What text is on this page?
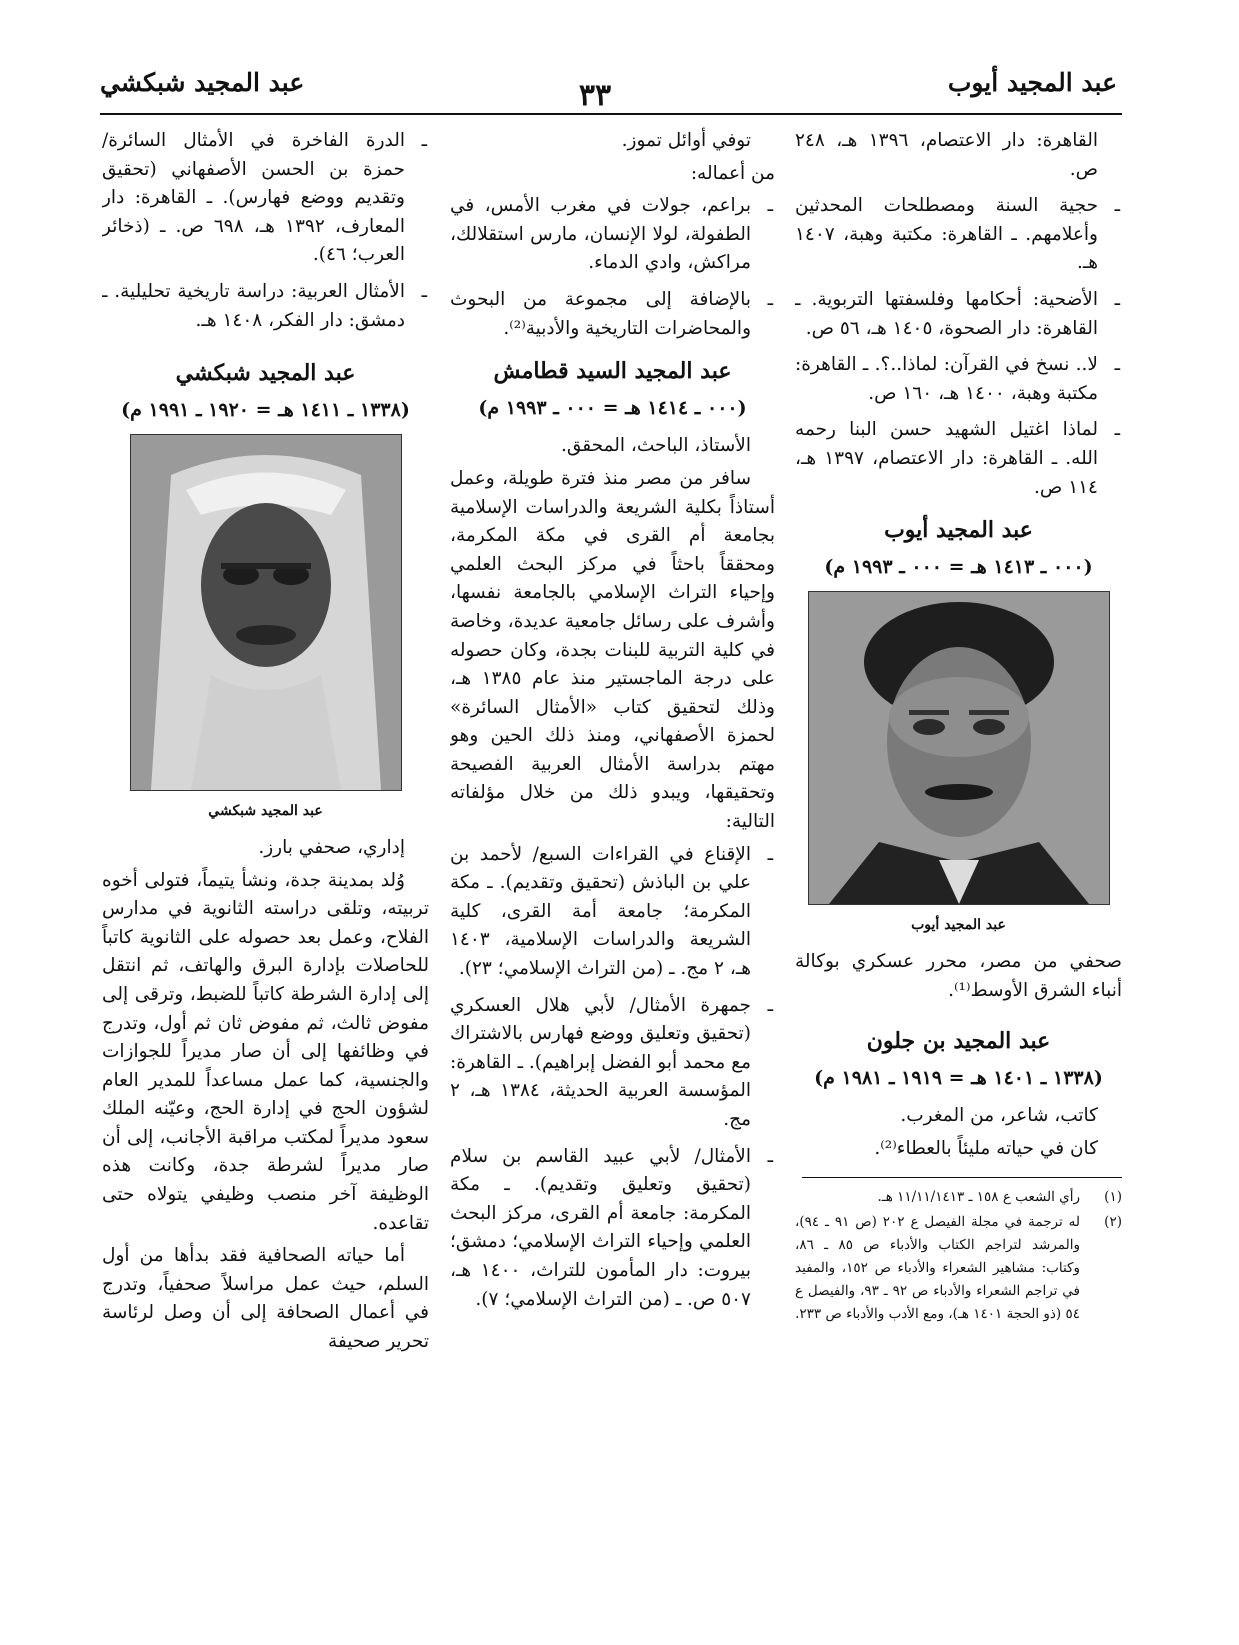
عبد المجيد أيوب
٣٣
عبد المجيد شبكشي
القاهرة: دار الاعتصام، ١٣٩٦ هـ، ٢٤٨ ص.
ـ
حجية السنة ومصطلحات المحدثين وأعلامهم. ـ القاهرة: مكتبة وهبة، ١٤٠٧ هـ.
ـ
الأضحية: أحكامها وفلسفتها التربوية. ـ القاهرة: دار الصحوة، ١٤٠٥ هـ، ٥٦ ص.
ـ
لا.. نسخ في القرآن: لماذا..؟. ـ القاهرة: مكتبة وهبة، ١٤٠٠ هـ، ١٦٠ ص.
ـ
لماذا اغتيل الشهيد حسن البنا رحمه الله. ـ القاهرة: دار الاعتصام، ١٣٩٧ هـ، ١١٤ ص.
عبد المجيد أيوب
(٠٠٠ ـ ١٤١٣ هـ = ٠٠٠ ـ ١٩٩٣ م)
عبد المجيد أيوب

صحفي من مصر، محرر عسكري بوكالة أنباء الشرق الأوسط⁽¹⁾.

عبد المجيد بن جلون
(١٣٣٨ ـ ١٤٠١ هـ = ١٩١٩ ـ ١٩٨١ م)

كاتب، شاعر، من المغرب.

كان في حياته مليئاً بالعطاء⁽²⁾.

(١)
رأي الشعب ع ١٥٨ ـ ١١/١١/١٤١٣ هـ.
(٢)
له ترجمة في مجلة الفيصل ع ٢٠٢ (ص ٩١ ـ ٩٤)، والمرشد لتراجم الكتاب والأدباء ص ٨٥ ـ ٨٦، وكتاب: مشاهير الشعراء والأدباء ص ١٥٢، والمفيد في تراجم الشعراء والأدباء ص ٩٢ ـ ٩٣، والفيصل ع ٥٤ (ذو الحجة ١٤٠١ هـ)، ومع الأدب والأدباء ص ٢٣٣.

توفي أوائل تموز.

من أعماله:

ـ
براعم، جولات في مغرب الأمس، في الطفولة، لولا الإنسان، مارس استقلالك، مراكش، وادي الدماء.
ـ
بالإضافة إلى مجموعة من البحوث والمحاضرات التاريخية والأدبية⁽²⁾.
عبد المجيد السيد قطامش
(٠٠٠ ـ ١٤١٤ هـ = ٠٠٠ ـ ١٩٩٣ م)

الأستاذ، الباحث، المحقق.

سافر من مصر منذ فترة طويلة، وعمل أستاذاً بكلية الشريعة والدراسات الإسلامية بجامعة أم القرى في مكة المكرمة، ومحققاً باحثاً في مركز البحث العلمي وإحياء التراث الإسلامي بالجامعة نفسها، وأشرف على رسائل جامعية عديدة، وخاصة في كلية التربية للبنات بجدة، وكان حصوله على درجة الماجستير منذ عام ١٣٨٥ هـ، وذلك لتحقيق كتاب «الأمثال السائرة» لحمزة الأصفهاني، ومنذ ذلك الحين وهو مهتم بدراسة الأمثال العربية الفصيحة وتحقيقها، ويبدو ذلك من خلال مؤلفاته التالية:

ـ
الإقناع في القراءات السبع/ لأحمد بن علي بن الباذش (تحقيق وتقديم). ـ مكة المكرمة؛ جامعة أمة القرى، كلية الشريعة والدراسات الإسلامية، ١٤٠٣ هـ، ٢ مج. ـ (من التراث الإسلامي؛ ٢٣).
ـ
جمهرة الأمثال/ لأبي هلال العسكري (تحقيق وتعليق ووضع فهارس بالاشتراك مع محمد أبو الفضل إبراهيم). ـ القاهرة: المؤسسة العربية الحديثة، ١٣٨٤ هـ، ٢ مج.
ـ
الأمثال/ لأبي عبيد القاسم بن سلام (تحقيق وتعليق وتقديم). ـ مكة المكرمة: جامعة أم القرى، مركز البحث العلمي وإحياء التراث الإسلامي؛ دمشق؛ بيروت: دار المأمون للتراث، ١٤٠٠ هـ، ٥٠٧ ص. ـ (من التراث الإسلامي؛ ٧).
ـ
الدرة الفاخرة في الأمثال السائرة/ حمزة بن الحسن الأصفهاني (تحقيق وتقديم ووضع فهارس). ـ القاهرة: دار المعارف، ١٣٩٢ هـ، ٦٩٨ ص. ـ (ذخائر العرب؛ ٤٦).
ـ
الأمثال العربية: دراسة تاريخية تحليلية. ـ دمشق: دار الفكر، ١٤٠٨ هـ.
عبد المجيد شبكشي
(١٣٣٨ ـ ١٤١١ هـ = ١٩٢٠ ـ ١٩٩١ م)
عبد المجيد شبكشي

إداري، صحفي بارز.

وُلد بمدينة جدة، ونشأ يتيماً، فتولى أخوه تربيته، وتلقى دراسته الثانوية في مدارس الفلاح، وعمل بعد حصوله على الثانوية كاتباً للحاصلات بإدارة البرق والهاتف، ثم انتقل إلى إدارة الشرطة كاتباً للضبط، وترقى إلى مفوض ثالث، ثم مفوض ثان ثم أول، وتدرج في وظائفها إلى أن صار مديراً للجوازات والجنسية، كما عمل مساعداً للمدير العام لشؤون الحج في إدارة الحج، وعيّنه الملك سعود مديراً لمكتب مراقبة الأجانب، إلى أن صار مديراً لشرطة جدة، وكانت هذه الوظيفة آخر منصب وظيفي يتولاه حتى تقاعده.

أما حياته الصحافية فقد بدأها من أول السلم، حيث عمل مراسلاً صحفياً، وتدرج في أعمال الصحافة إلى أن وصل لرئاسة تحرير صحيفة
